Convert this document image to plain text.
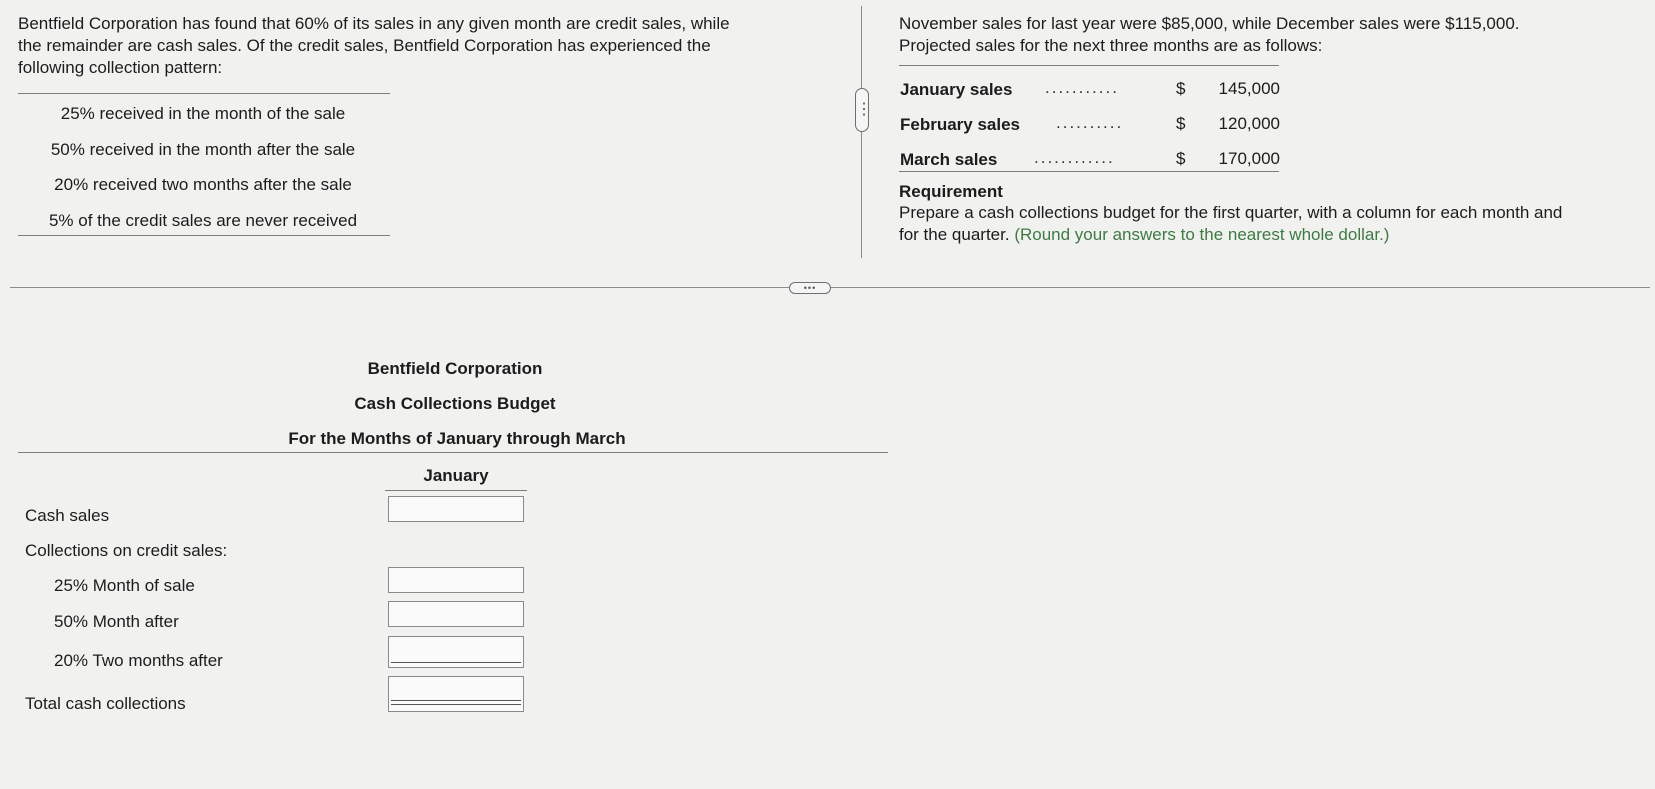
Bentfield Corporation has found that 60% of its sales in any given month are credit sales, while
the remainder are cash sales. Of the credit sales, Bentfield Corporation has experienced the
following collection pattern:
25% received in the month of the sale
50% received in the month after the sale
20% received two months after the sale
5% of the credit sales are never received
⋮
November sales for last year were $85,000, while December sales were $115,000.
Projected sales for the next three months are as follows:
January sales ...........	$	145,000
February sales ..........	$	120,000
March sales ............	$	170,000
Requirement
Prepare a cash collections budget for the first quarter, with a column for each month and
for the quarter. (Round your answers to the nearest whole dollar.)
•••
Bentfield Corporation
Cash Collections Budget
For the Months of January through March
January
Cash sales
Collections on credit sales:
25% Month of sale
50% Month after
20% Two months after
Total cash collections
